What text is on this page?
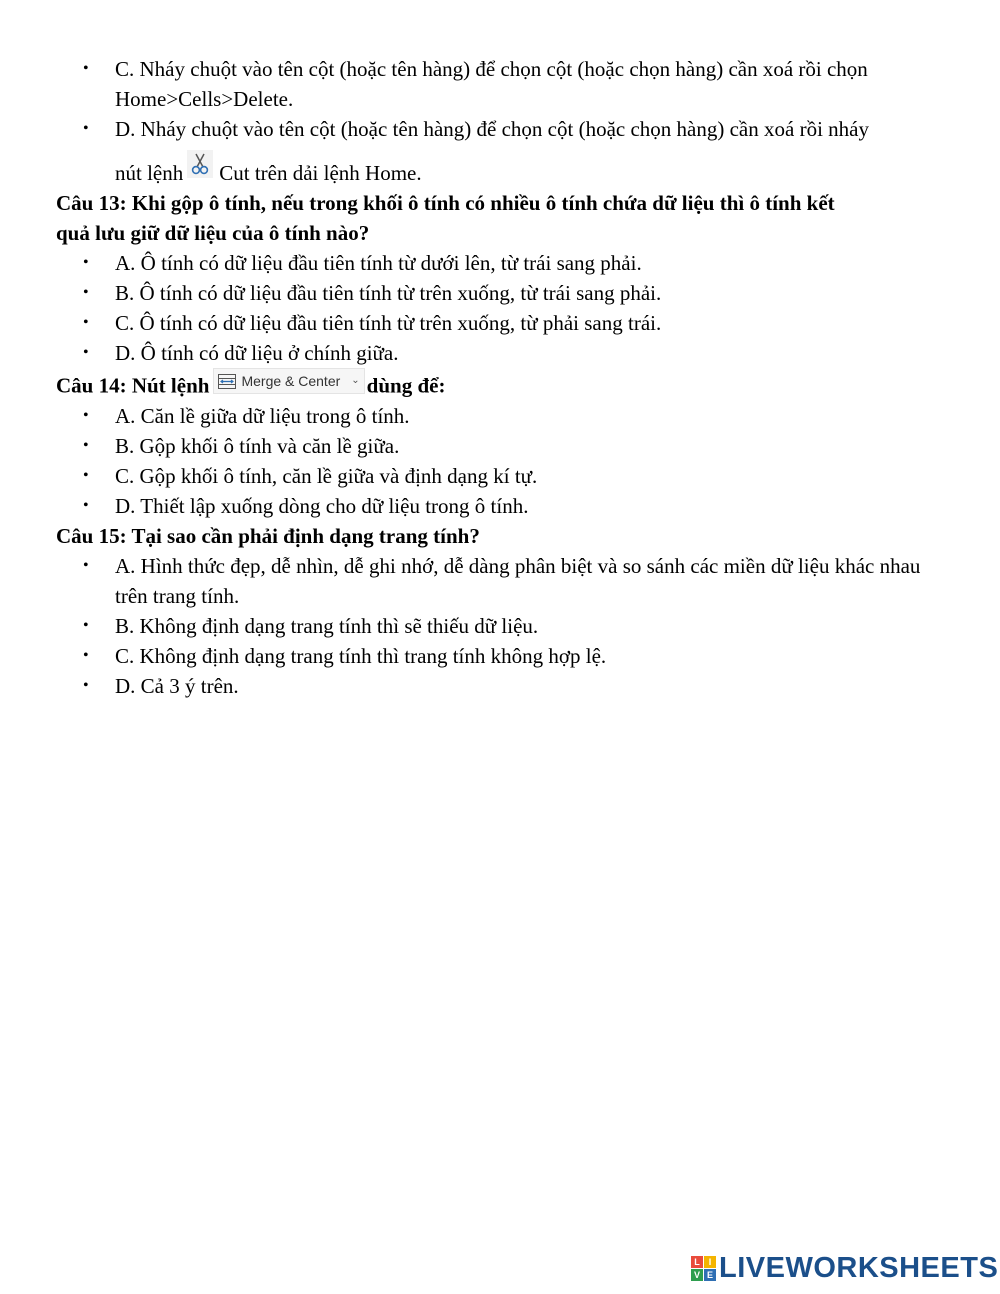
• C. Nháy chuột vào tên cột (hoặc tên hàng) để chọn cột (hoặc chọn hàng) cần xoá rồi chọn
Home>Cells>Delete.
• D. Nháy chuột vào tên cột (hoặc tên hàng) để chọn cột (hoặc chọn hàng) cần xoá rồi nháy
nút lệnh Cut trên dải lệnh Home.
Câu 13: Khi gộp ô tính, nếu trong khối ô tính có nhiều ô tính chứa dữ liệu thì ô tính kết
quả lưu giữ dữ liệu của ô tính nào?
• A. Ô tính có dữ liệu đầu tiên tính từ dưới lên, từ trái sang phải.
• B. Ô tính có dữ liệu đầu tiên tính từ trên xuống, từ trái sang phải.
• C. Ô tính có dữ liệu đầu tiên tính từ trên xuống, từ phải sang trái.
• D. Ô tính có dữ liệu ở chính giữa.
Câu 14: Nút lệnh Merge & Center ⌄ dùng để:
• A. Căn lề giữa dữ liệu trong ô tính.
• B. Gộp khối ô tính và căn lề giữa.
• C. Gộp khối ô tính, căn lề giữa và định dạng kí tự.
• D. Thiết lập xuống dòng cho dữ liệu trong ô tính.
Câu 15: Tại sao cần phải định dạng trang tính?
• A. Hình thức đẹp, dễ nhìn, dễ ghi nhớ, dễ dàng phân biệt và so sánh các miền dữ liệu khác nhau trên trang tính.
• B. Không định dạng trang tính thì sẽ thiếu dữ liệu.
• C. Không định dạng trang tính thì trang tính không hợp lệ.
• D. Cả 3 ý trên.
L I
V E LIVEWORKSHEETS
